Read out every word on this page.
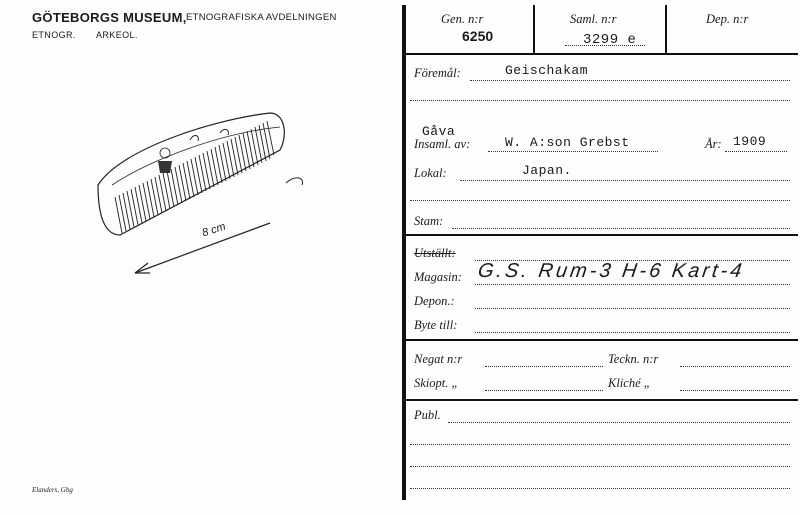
GÖTEBORGS MUSEUM, ETNOGRAFISKA AVDELNINGEN
ETNOGR. ARKEOL.
8 cm
Elanders, Gbg
Gen. n:r
6250
Saml. n:r
3299 e
Dep. n:r
Föremål:	Geischakam
Gåva
Insaml. av:	W. A:son Grebst	År: 1909
Lokal:	Japan.
Stam:
Utställt:
Magasin: G.S. Rum-3 H-6 Kart-4
Depon.:
Byte till:
Negat n:r	Teckn. n:r
Skiopt. „	Kliché „
Publ.
